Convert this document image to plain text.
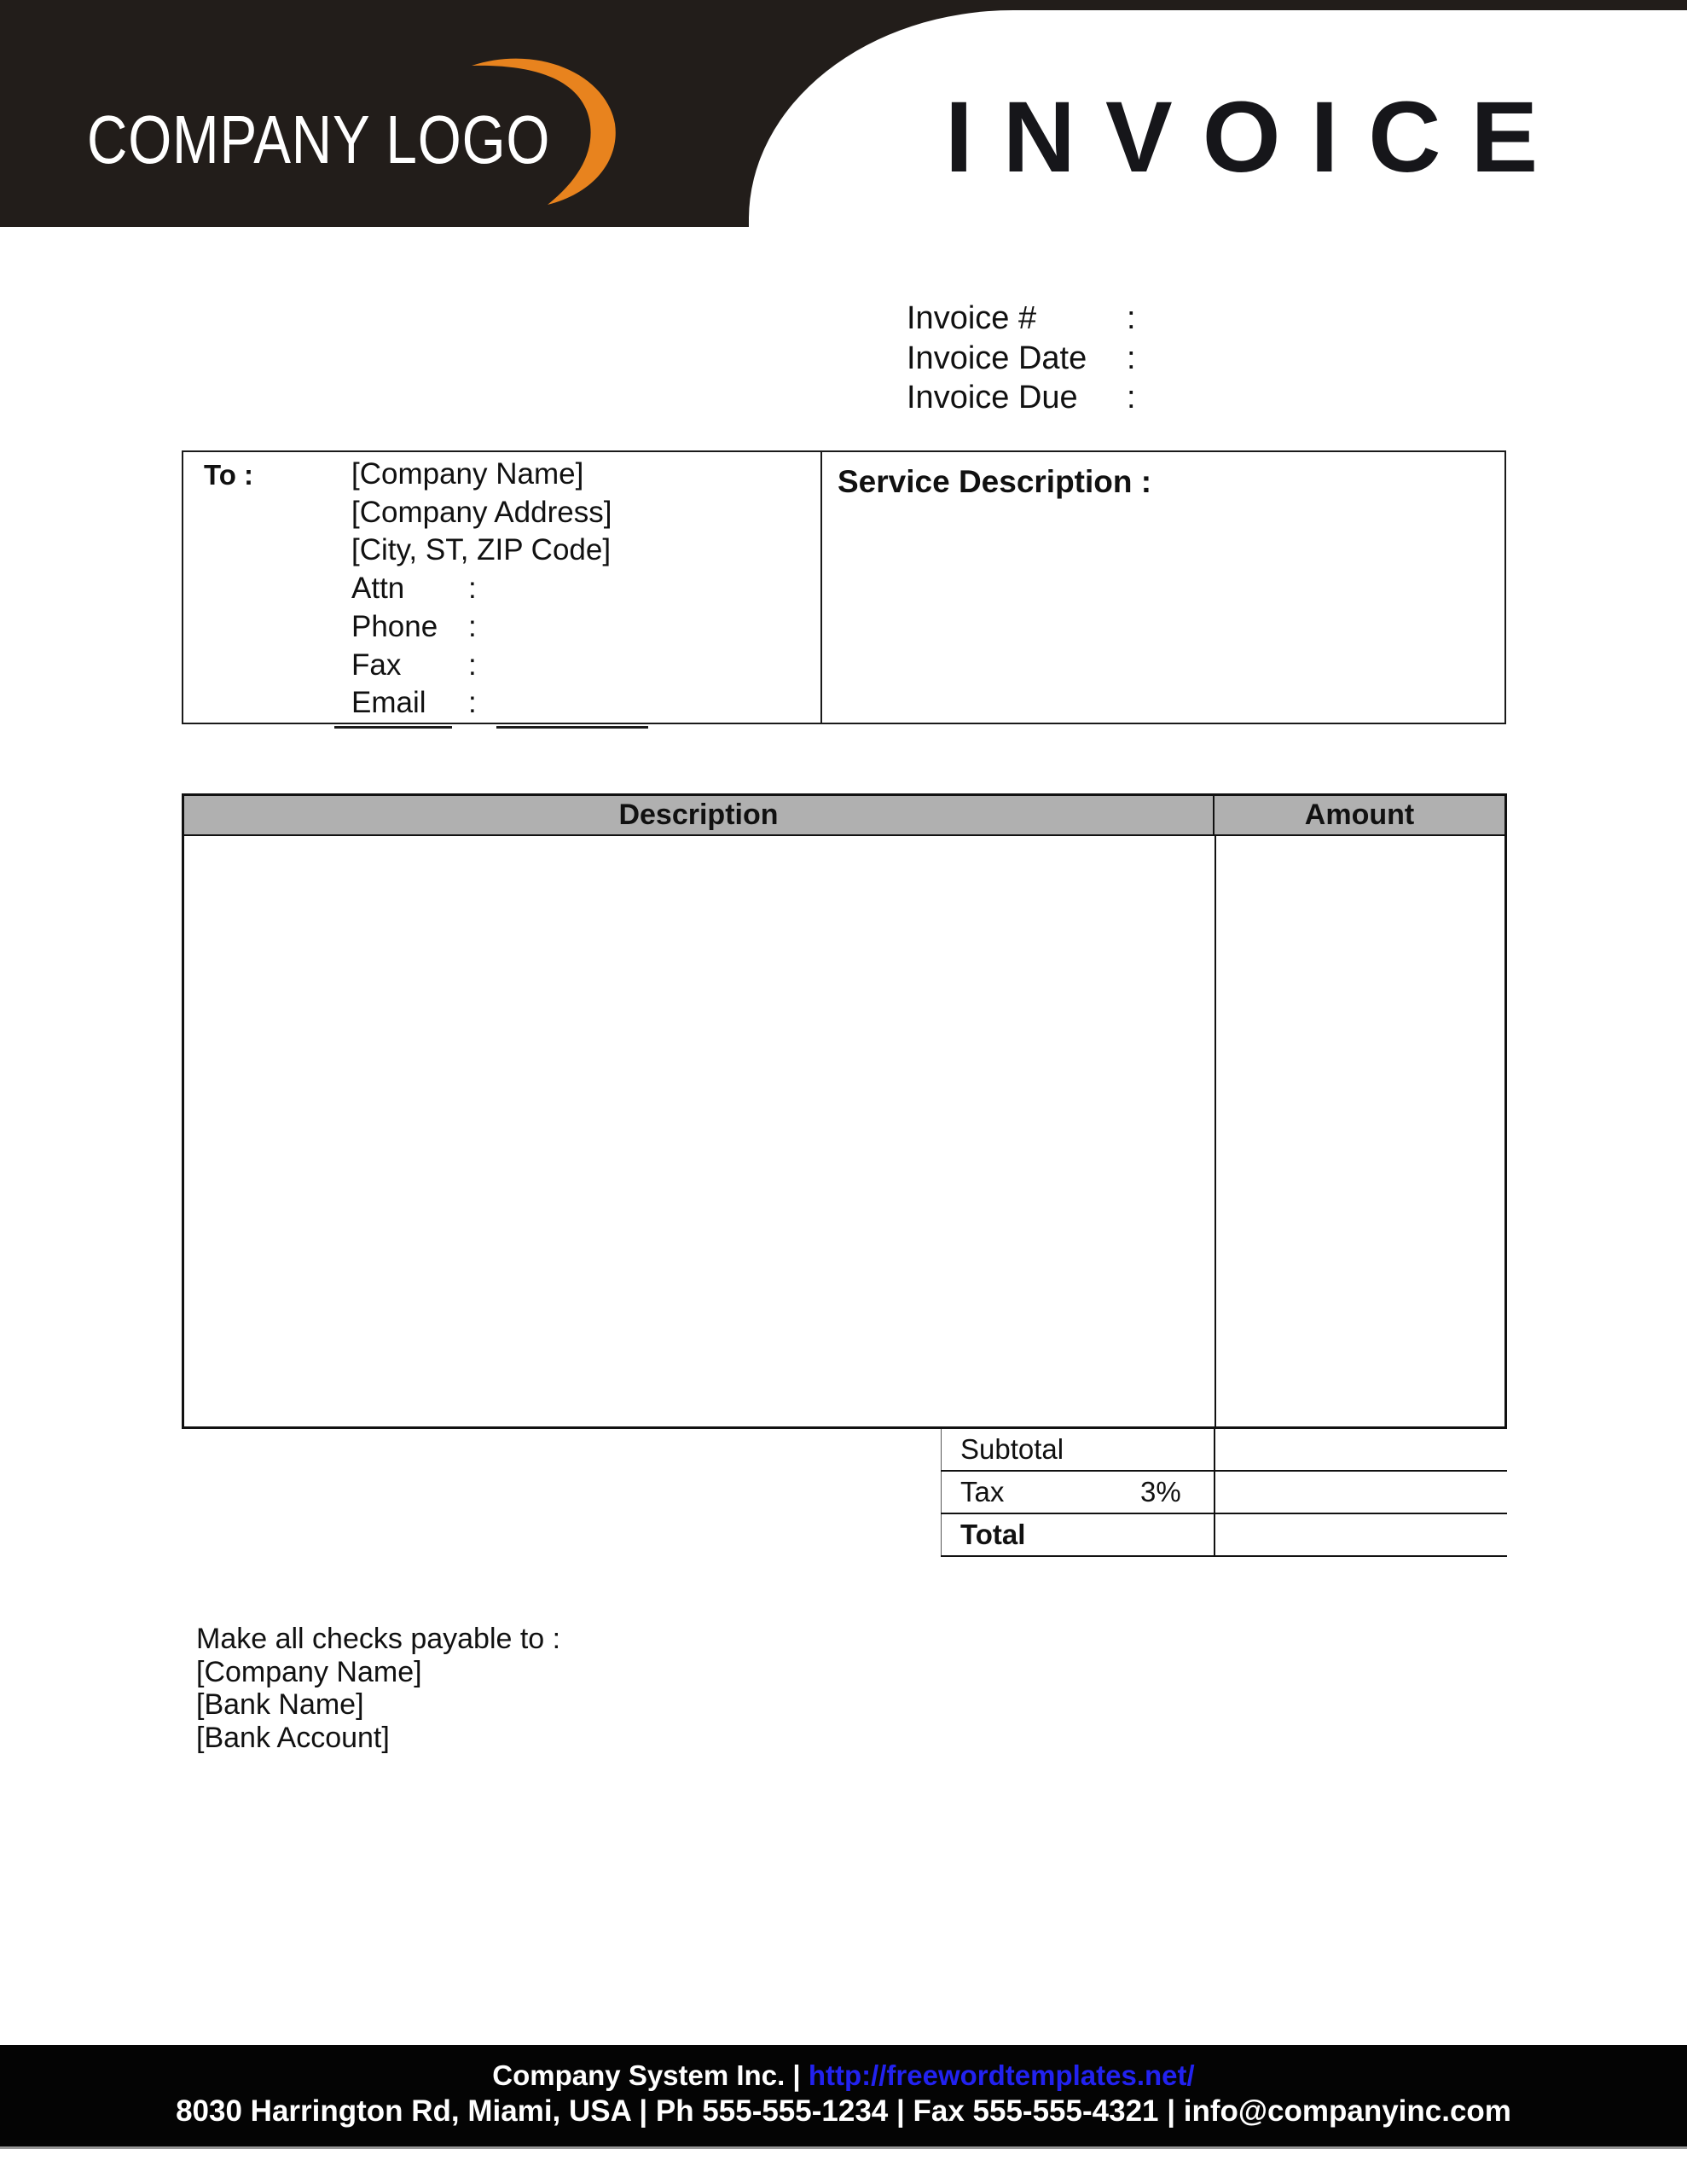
INVOICE
COMPANY LOGO
Invoice #	:
Invoice Date	:
Invoice Due	:
To :	[Company Name]
[Company Address]
[City, ST, ZIP Code]
Attn	:
Phone	:
Fax	:
Email	:
Service Description :
Description	Amount
Subtotal
Tax	3%
Total
Make all checks payable to :
[Company Name]
[Bank Name]
[Bank Account]
Company System Inc. | http://freewordtemplates.net/
8030 Harrington Rd, Miami, USA | Ph 555-555-1234 | Fax 555-555-4321 | info@companyinc.com
